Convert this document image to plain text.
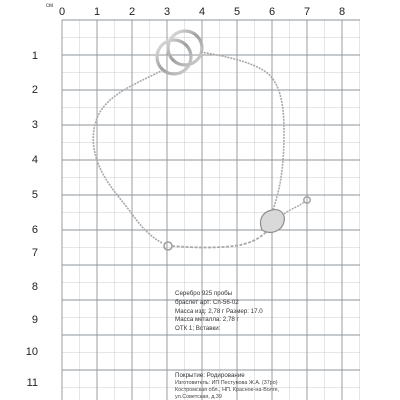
см 0	1	2	3	4	5	6	7	8
1
2
3
4
5
6
7
8
9
10
11
Серебро 925 пробы
браслет арт: Cn-56-02
Масса изд: 2,78 г Размер: 17.0
Масса металла: 2,78 г
ОТК 1; Вставки:
Покрытие: Родирование
Изготовитель: ИП Пестунова Ж.А. (37ро)
Костромская обл., НП. Красное-на-Волге,
ул.Советская, д.39
